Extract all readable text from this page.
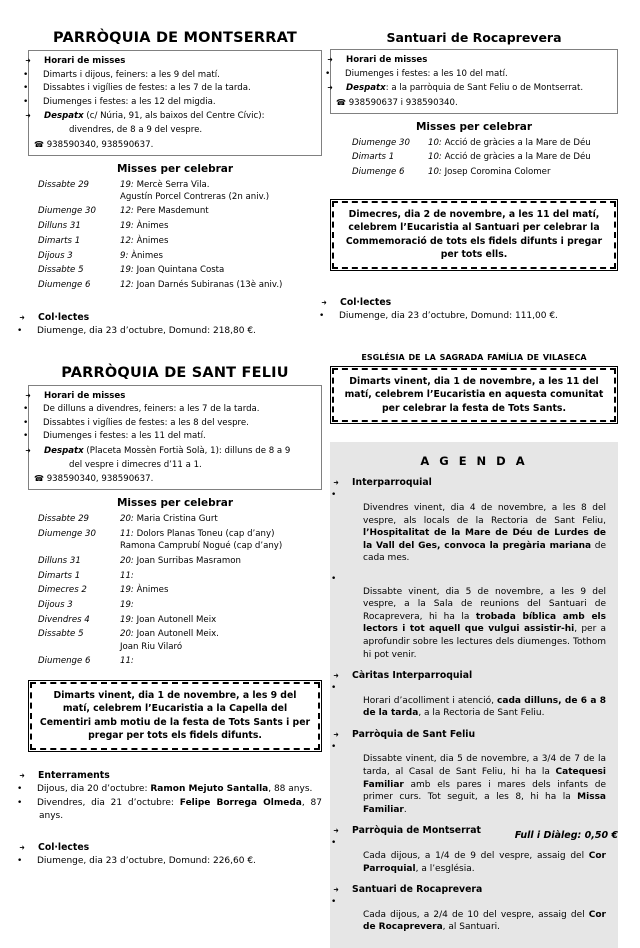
PARRÒQUIA DE MONTSERRAT

➜ Horari de misses

• Dimarts i dijous, feiners: a les 9 del matí.

• Dissabtes i vigílies de festes: a les 7 de la tarda.

• Diumenges i festes: a les 12 del migdia.

➜ Despatx (c/ Núria, 91, als baixos del Centre Cívic):
divendres, de 8 a 9 del vespre.

☎ 938590340, 938590637.

Misses per celebrar
Dissabte 29	19: Mercè Serra Vila.
Agustín Porcel Contreras (2n aniv.)
Diumenge 30	12: Pere Masdemunt
Dilluns 31	19: Ànimes
Dimarts 1	12: Ànimes
Dijous 3	9: Ànimes
Dissabte 5	19: Joan Quintana Costa
Diumenge 6	12: Joan Darnés Subiranas (13è aniv.)

➜ Col·lectes

• Diumenge, dia 23 d’octubre, Domund: 218,80 €.

PARRÒQUIA DE SANT FELIU

➜ Horari de misses

• De dilluns a divendres, feiners: a les 7 de la tarda.

• Dissabtes i vigílies de festes: a les 8 del vespre.

• Diumenges i festes: a les 11 del matí.

➜ Despatx (Placeta Mossèn Fortià Solà, 1): dilluns de 8 a 9
del vespre i dimecres d’11 a 1.

☎ 938590340, 938590637.

Misses per celebrar
Dissabte 29	20: Maria Cristina Gurt
Diumenge 30	11: Dolors Planas Toneu (cap d’any)
Ramona Camprubí Nogué (cap d’any)
Dilluns 31	20: Joan Surribas Masramon
Dimarts 1	11:
Dimecres 2	19: Ànimes
Dijous 3	19:
Divendres 4	19: Joan Autonell Meix
Dissabte 5	20: Joan Autonell Meix.
Joan Riu Vilaró
Diumenge 6	11:
Dimarts vinent, dia 1 de novembre, a les 9 del matí, celebrem l’Eucaristia a la Capella del Cementiri amb motiu de la festa de Tots Sants i per pregar per tots els fidels difunts.

➜ Enterraments

• Dijous, dia 20 d’octubre: Ramon Mejuto Santalla, 88 anys.

• Divendres, dia 21 d’octubre: Felipe Borrega Olmeda, 87 anys.

➜ Col·lectes

• Diumenge, dia 23 d’octubre, Domund: 226,60 €.

Santuari de Rocaprevera

➜ Horari de misses

• Diumenges i festes: a les 10 del matí.

➜ Despatx: a la parròquia de Sant Feliu o de Montserrat.

☎ 938590637 i 938590340.

Misses per celebrar
Diumenge 30	10: Acció de gràcies a la Mare de Déu
Dimarts 1	10: Acció de gràcies a la Mare de Déu
Diumenge 6	10: Josep Coromina Colomer
Dimecres, dia 2 de novembre, a les 11 del matí, celebrem l’Eucaristia al Santuari per celebrar la Commemoració de tots els fidels difunts i pregar per tots ells.

➜ Col·lectes

• Diumenge, dia 23 d’octubre, Domund: 111,00 €.

església de la sagrada família de vilaseca
Dimarts vinent, dia 1 de novembre, a les 11 del matí, celebrem l’Eucaristia en aquesta comunitat per celebrar la festa de Tots Sants.
A G E N D A

➜ Interparroquial

•
Divendres vinent, dia 4 de novembre, a les 8 del vespre, als locals de la Rectoria de Sant Feliu, l’Hospitalitat de la Mare de Déu de Lurdes de la Vall del Ges, convoca la pregària mariana de cada mes.

•
Dissabte vinent, dia 5 de novembre, a les 9 del vespre, a la Sala de reunions del Santuari de Rocaprevera, hi ha la trobada bíblica amb els lectors i tot aquell que vulgui assistir-hi, per a aprofundir sobre les lectures dels diumenges. Tothom hi pot venir.

➜ Càritas Interparroquial

•
Horari d’acolliment i atenció, cada dilluns, de 6 a 8 de la tarda, a la Rectoria de Sant Feliu.

➜ Parròquia de Sant Feliu

•
Dissabte vinent, dia 5 de novembre, a 3/4 de 7 de la tarda, al Casal de Sant Feliu, hi ha la Catequesi Familiar amb els pares i mares dels infants de primer curs. Tot seguit, a les 8, hi ha la Missa Familiar.

➜ Parròquia de Montserrat

•
Cada dijous, a 1/4 de 9 del vespre, assaig del Cor Parroquial, a l’església.

➜ Santuari de Rocaprevera

•
Cada dijous, a 2/4 de 10 del vespre, assaig del Cor de Rocaprevera, al Santuari.

Full i Diàleg: 0,50 €
